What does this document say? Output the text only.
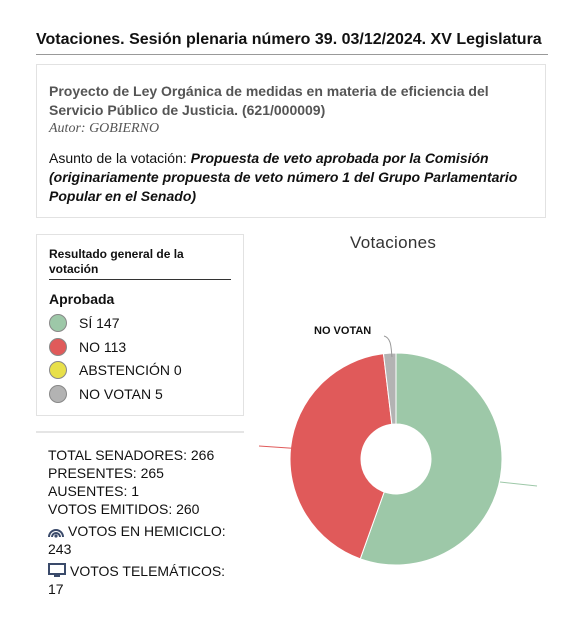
Votaciones. Sesión plenaria número 39. 03/12/2024. XV Legislatura
Proyecto de Ley Orgánica de medidas en materia de eficiencia del Servicio Público de Justicia. (621/000009)
Autor: GOBIERNO
Asunto de la votación: Propuesta de veto aprobada por la Comisión (originariamente propuesta de veto número 1 del Grupo Parlamentario Popular en el Senado)
Resultado general de la votación
Aprobada
SÍ 147
NO 113
ABSTENCIÓN 0
NO VOTAN 5
TOTAL SENADORES: 266
PRESENTES: 265
AUSENTES: 1
VOTOS EMITIDOS: 260
VOTOS EN HEMICICLO:
243
VOTOS TELEMÁTICOS:
17
Votaciones
NO VOTAN
